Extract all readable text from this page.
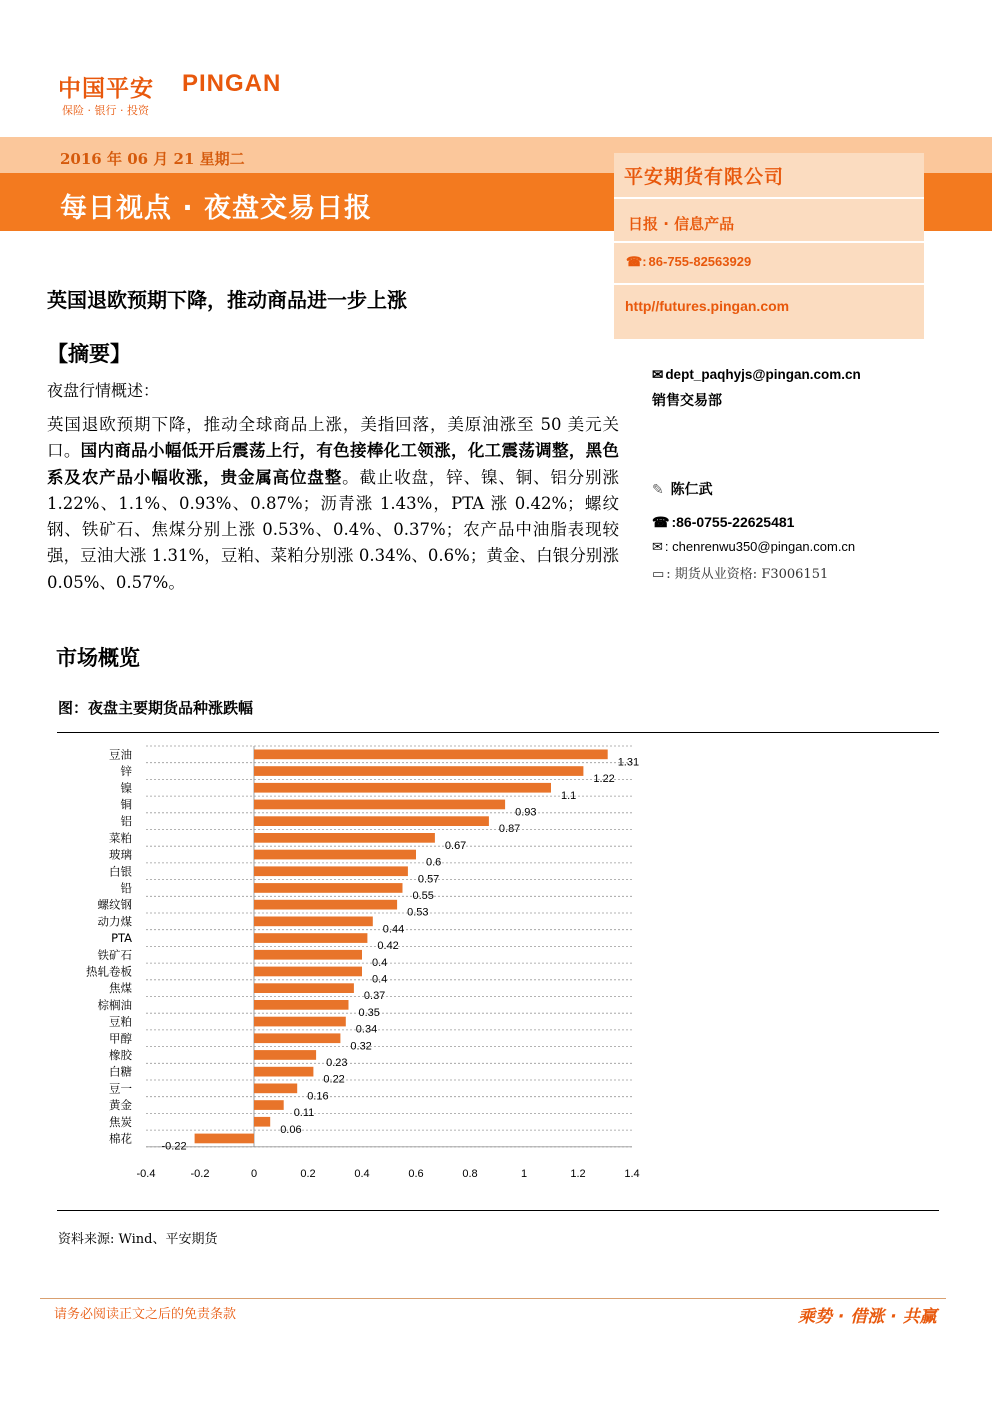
中国平安 PINGAN
保险 · 银行 · 投资
2016 年 06 月 21 星期二
每日视点 · 夜盘交易日报
平安期货有限公司
日报 · 信息产品
☎: 86-755-82563929
http//futures.pingan.com
英国退欧预期下降，推动商品进一步上涨
【摘要】
夜盘行情概述：
英国退欧预期下降，推动全球商品上涨，美指回落，美原油涨至 50 美元关口。国内商品小幅低开后震荡上行，有色接棒化工领涨，化工震荡调整，黑色系及农产品小幅收涨，贵金属高位盘整。截止收盘，锌、镍、铜、铝分别涨 1.22%、1.1%、0.93%、0.87%；沥青涨 1.43%，PTA 涨 0.42%；螺纹钢、铁矿石、焦煤分别上涨 0.53%、0.4%、0.37%；农产品中油脂表现较强，豆油大涨 1.31%，豆粕、菜粕分别涨 0.34%、0.6%；黄金、白银分别涨 0.05%、0.57%。
✉ dept_paqhyjs@pingan.com.cn
销售交易部
✎ 陈仁武
☎ :86-0755-22625481
✉ : chenrenwu350@pingan.com.cn
▭ : 期货从业资格: F3006151
市场概览
图：夜盘主要期货品种涨跌幅
豆油
1.31
锌
1.22
镍
1.1
铜
0.93
铝
0.87
菜粕
0.67
玻璃
0.6
白银
0.57
铅
0.55
螺纹钢
0.53
动力煤
0.44
PTA
0.42
铁矿石
0.4
热轧卷板
0.4
焦煤
0.37
棕榈油
0.35
豆粕
0.34
甲醇
0.32
橡胶
0.23
白糖
0.22
豆一
0.16
黄金
0.11
焦炭
0.06
棉花
-0.22
-0.4	-0.2	0	0.2	0.4	0.6	0.8	1	1.2	1.4
资料来源: Wind、平安期货
请务必阅读正文之后的免责条款	乘势 · 借涨 · 共赢
